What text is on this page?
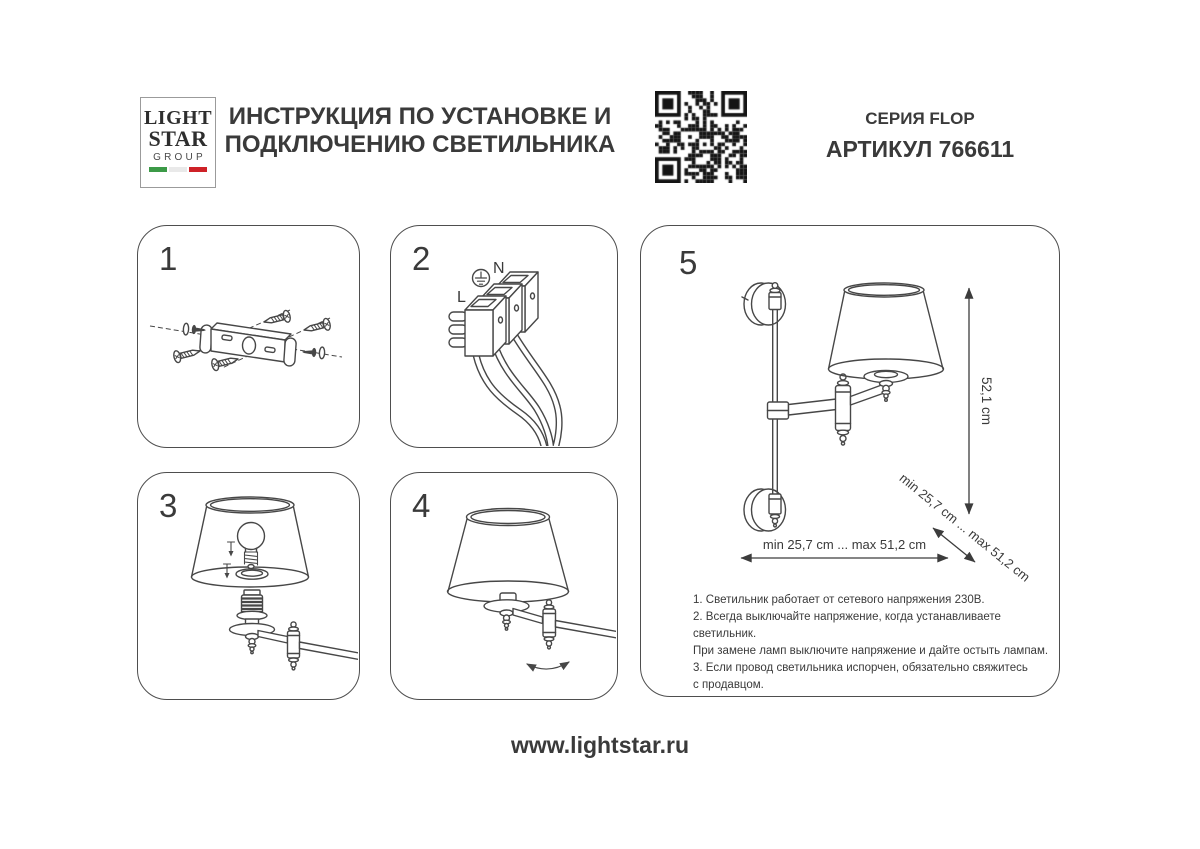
LIGHT
STAR
GROUP
ИНСТРУКЦИЯ ПО УСТАНОВКЕ И
ПОДКЛЮЧЕНИЮ СВЕТИЛЬНИКА
СЕРИЯ FLOP
АРТИКУЛ 766611
1	2
L
N
3	4
5
52,1 cm
min 25,7 cm ... max 51,2 cm
min 25,7 cm ... max 51,2 cm
1. Светильник работает от сетевого напряжения 230В.
2. Всегда выключайте напряжение, когда устанавливаете светильник.
При замене ламп выключите напряжение и дайте остыть лампам.
3. Если провод светильника испорчен, обязательно свяжитесь
с продавцом.
www.lightstar.ru
